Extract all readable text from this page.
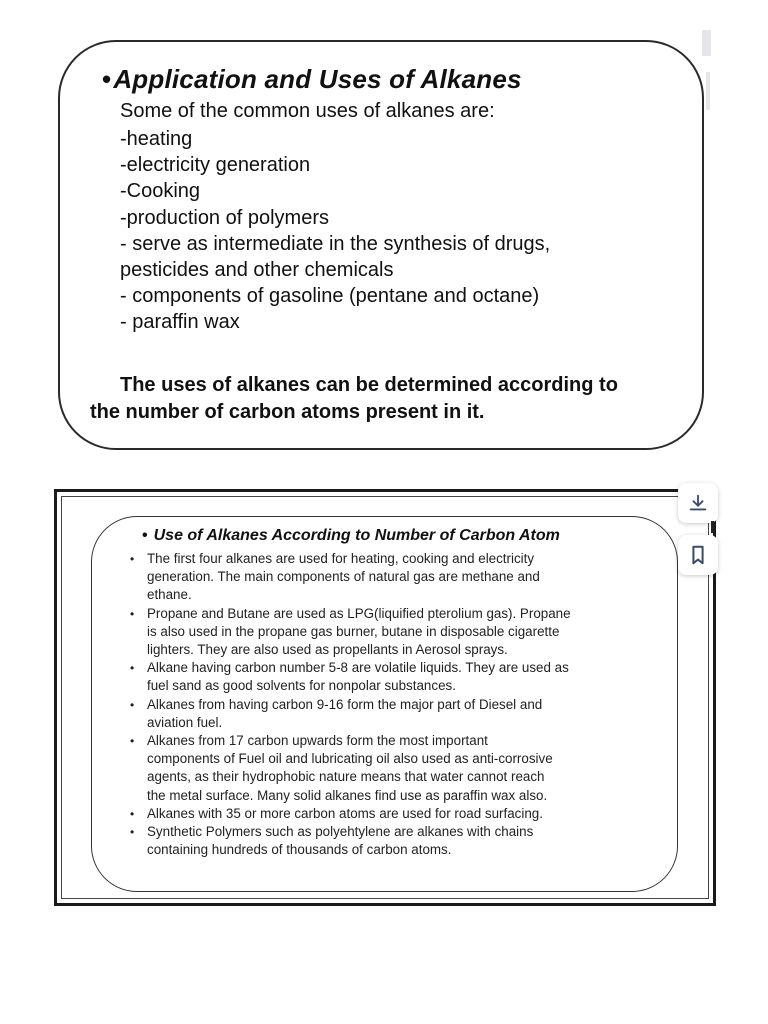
•Application and Uses of Alkanes
Some of the common uses of alkanes are:
-heating
-electricity generation
-Cooking
-production of polymers
- serve as intermediate in the synthesis of drugs,
pesticides and other chemicals
- components of gasoline (pentane and octane)
- paraffin wax
The uses of alkanes can be determined according to
the number of carbon atoms present in it.
• Use of Alkanes According to Number of Carbon Atom
• The first four alkanes are used for heating, cooking and electricity
generation. The main components of natural gas are methane and
ethane.
• Propane and Butane are used as LPG(liquified pterolium gas). Propane
is also used in the propane gas burner, butane in disposable cigarette
lighters. They are also used as propellants in Aerosol sprays.
• Alkane having carbon number 5-8 are volatile liquids. They are used as
fuel sand as good solvents for nonpolar substances.
• Alkanes from having carbon 9-16 form the major part of Diesel and
aviation fuel.
• Alkanes from 17 carbon upwards form the most important
components of Fuel oil and lubricating oil also used as anti-corrosive
agents, as their hydrophobic nature means that water cannot reach
the metal surface. Many solid alkanes find use as paraffin wax also.
• Alkanes with 35 or more carbon atoms are used for road surfacing.
• Synthetic Polymers such as polyehtylene are alkanes with chains
containing hundreds of thousands of carbon atoms.
